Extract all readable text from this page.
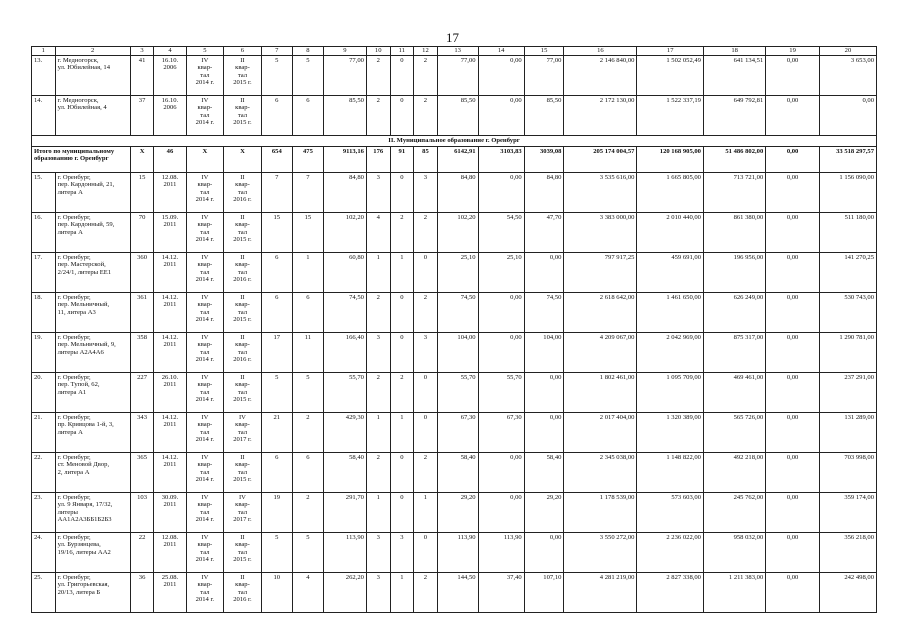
17
1	2	3	4	5	6	7	8	9	10	11	12	13	14	15	16	17	18	19	20
13.	г. Медногорск,
ул. Юбилейная, 14	41	16.10.
2006	IV
квар-
тал
2014 г.	II
квар-
тал
2015 г.	5	5	77,00	2	0	2	77,00	0,00	77,00	2 146 840,00	1 502 052,49	641 134,51	0,00	3 653,00
14.	г. Медногорск,
ул. Юбилейная, 4	37	16.10.
2006	IV
квар-
тал
2014 г.	II
квар-
тал
2015 г.	6	6	85,50	2	0	2	85,50	0,00	85,50	2 172 130,00	1 522 337,19	649 792,81	0,00	0,00
II. Муниципальное образование г. Оренбург																			
Итого по муниципальному
образованию г. Оренбург		X	46	X	X	654	475	9113,16	176	91	85	6142,91	3103,83	3039,08	205 174 004,57	120 168 905,00	51 486 802,00	0,00	33 518 297,57
15.	г. Оренбург,
пер. Кардонный, 21,
литера А	15	12.08.
2011	IV
квар-
тал
2014 г.	II
квар-
тал
2016 г.	7	7	84,80	3	0	3	84,80	0,00	84,80	3 535 616,00	1 665 805,00	713 721,00	0,00	1 156 090,00
16.	г. Оренбург,
пер. Кардонный, 59,
литера А	70	15.09.
2011	IV
квар-
тал
2014 г.	II
квар-
тал
2015 г.	15	15	102,20	4	2	2	102,20	54,50	47,70	3 383 000,00	2 010 440,00	861 380,00	0,00	511 180,00
17.	г. Оренбург,
пер. Мастерской,
2/24/1, литеры ЕЕ1	360	14.12.
2011	IV
квар-
тал
2014 г.	II
квар-
тал
2016 г.	6	1	60,80	1	1	0	25,10	25,10	0,00	797 917,25	459 691,00	196 956,00	0,00	141 270,25
18.	г. Оренбург,
пер. Мельничный,
11, литера А3	361	14.12.
2011	IV
квар-
тал
2014 г.	II
квар-
тал
2015 г.	6	6	74,50	2	0	2	74,50	0,00	74,50	2 618 642,00	1 461 650,00	626 249,00	0,00	530 743,00
19.	г. Оренбург,
пер. Мельничный, 9,
литеры А2А4А6	358	14.12.
2011	IV
квар-
тал
2014 г.	II
квар-
тал
2016 г.	17	11	166,40	3	0	3	104,00	0,00	104,00	4 209 067,00	2 042 969,00	875 317,00	0,00	1 290 781,00
20.	г. Оренбург,
пер. Тупой, 62,
литера А1	227	26.10.
2011	IV
квар-
тал
2014 г.	II
квар-
тал
2015 г.	5	5	55,70	2	2	0	55,70	55,70	0,00	1 802 461,00	1 095 709,00	469 461,00	0,00	237 291,00
21.	г. Оренбург,
пр. Кривцова 1-й, 3,
литера А	343	14.12.
2011	IV
квар-
тал
2014 г.	IV
квар-
тал
2017 г.	21	2	429,30	1	1	0	67,30	67,30	0,00	2 017 404,00	1 320 389,00	565 726,00	0,00	131 289,00
22.	г. Оренбург,
ст. Меновой Двор,
2, литера А	365	14.12.
2011	IV
квар-
тал
2014 г.	II
квар-
тал
2015 г.	6	6	58,40	2	0	2	58,40	0,00	58,40	2 345 038,00	1 148 822,00	492 218,00	0,00	703 998,00
23.	г. Оренбург,
ул. 9 Января, 17/32,
литеры
АА1А2А3ББ1Б2Б3	103	30.09.
2011	IV
квар-
тал
2014 г.	IV
квар-
тал
2017 г.	19	2	291,70	1	0	1	29,20	0,00	29,20	1 178 539,00	573 603,00	245 762,00	0,00	359 174,00
24.	г. Оренбург,
ул. Бурзянцева,
19/16, литеры АА2	22	12.08.
2011	IV
квар-
тал
2014 г.	II
квар-
тал
2015 г.	5	5	113,90	3	3	0	113,90	113,90	0,00	3 550 272,00	2 236 022,00	958 032,00	0,00	356 218,00
25.	г. Оренбург,
ул. Григорьевская,
20/13, литера Б	36	25.08.
2011	IV
квар-
тал
2014 г.	II
квар-
тал
2016 г.	10	4	262,20	3	1	2	144,50	37,40	107,10	4 281 219,00	2 827 338,00	1 211 383,00	0,00	242 498,00
